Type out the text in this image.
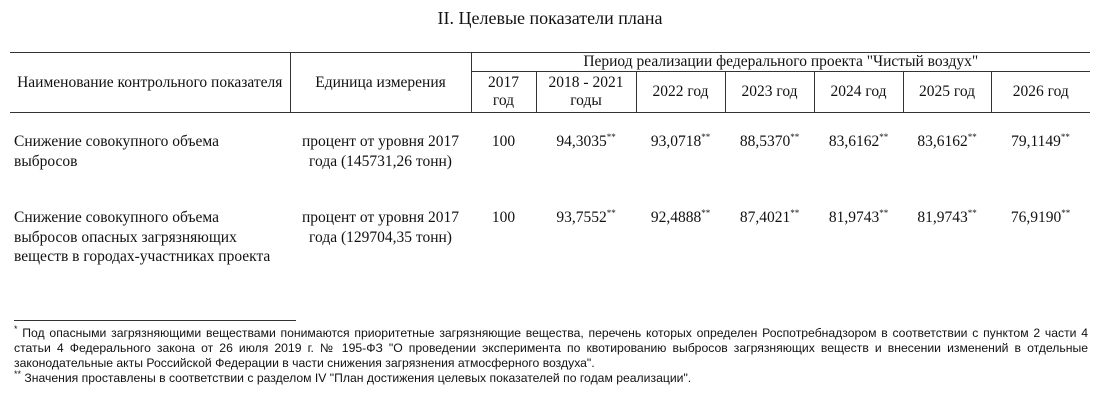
II. Целевые показатели плана
Наименование контрольного показателя	Единица измерения	Период реализации федерального проекта "Чистый воздух"						
		2017 год	2018 - 2021 годы	2022 год	2023 год	2024 год	2025 год	2026 год
Снижение совокупного объема выбросов	процент от уровня 2017 года (145731,26 тонн)	100	94,3035**	93,0718**	88,5370**	83,6162**	83,6162**	79,1149**
Снижение совокупного объема выбросов опасных загрязняющих веществ в городах-участниках проекта	процент от уровня 2017 года (129704,35 тонн)	100	93,7552**	92,4888**	87,4021**	81,9743**	81,9743**	76,9190**

* Под опасными загрязняющими веществами понимаются приоритетные загрязняющие вещества, перечень которых определен Роспотребнадзором в соответствии с пунктом 2 части 4 статьи 4 Федерального закона от 26 июля 2019 г. № 195-ФЗ "О проведении эксперимента по квотированию выбросов загрязняющих веществ и внесении изменений в отдельные законодательные акты Российской Федерации в части снижения загрязнения атмосферного воздуха".

** Значения проставлены в соответствии с разделом IV "План достижения целевых показателей по годам реализации".
